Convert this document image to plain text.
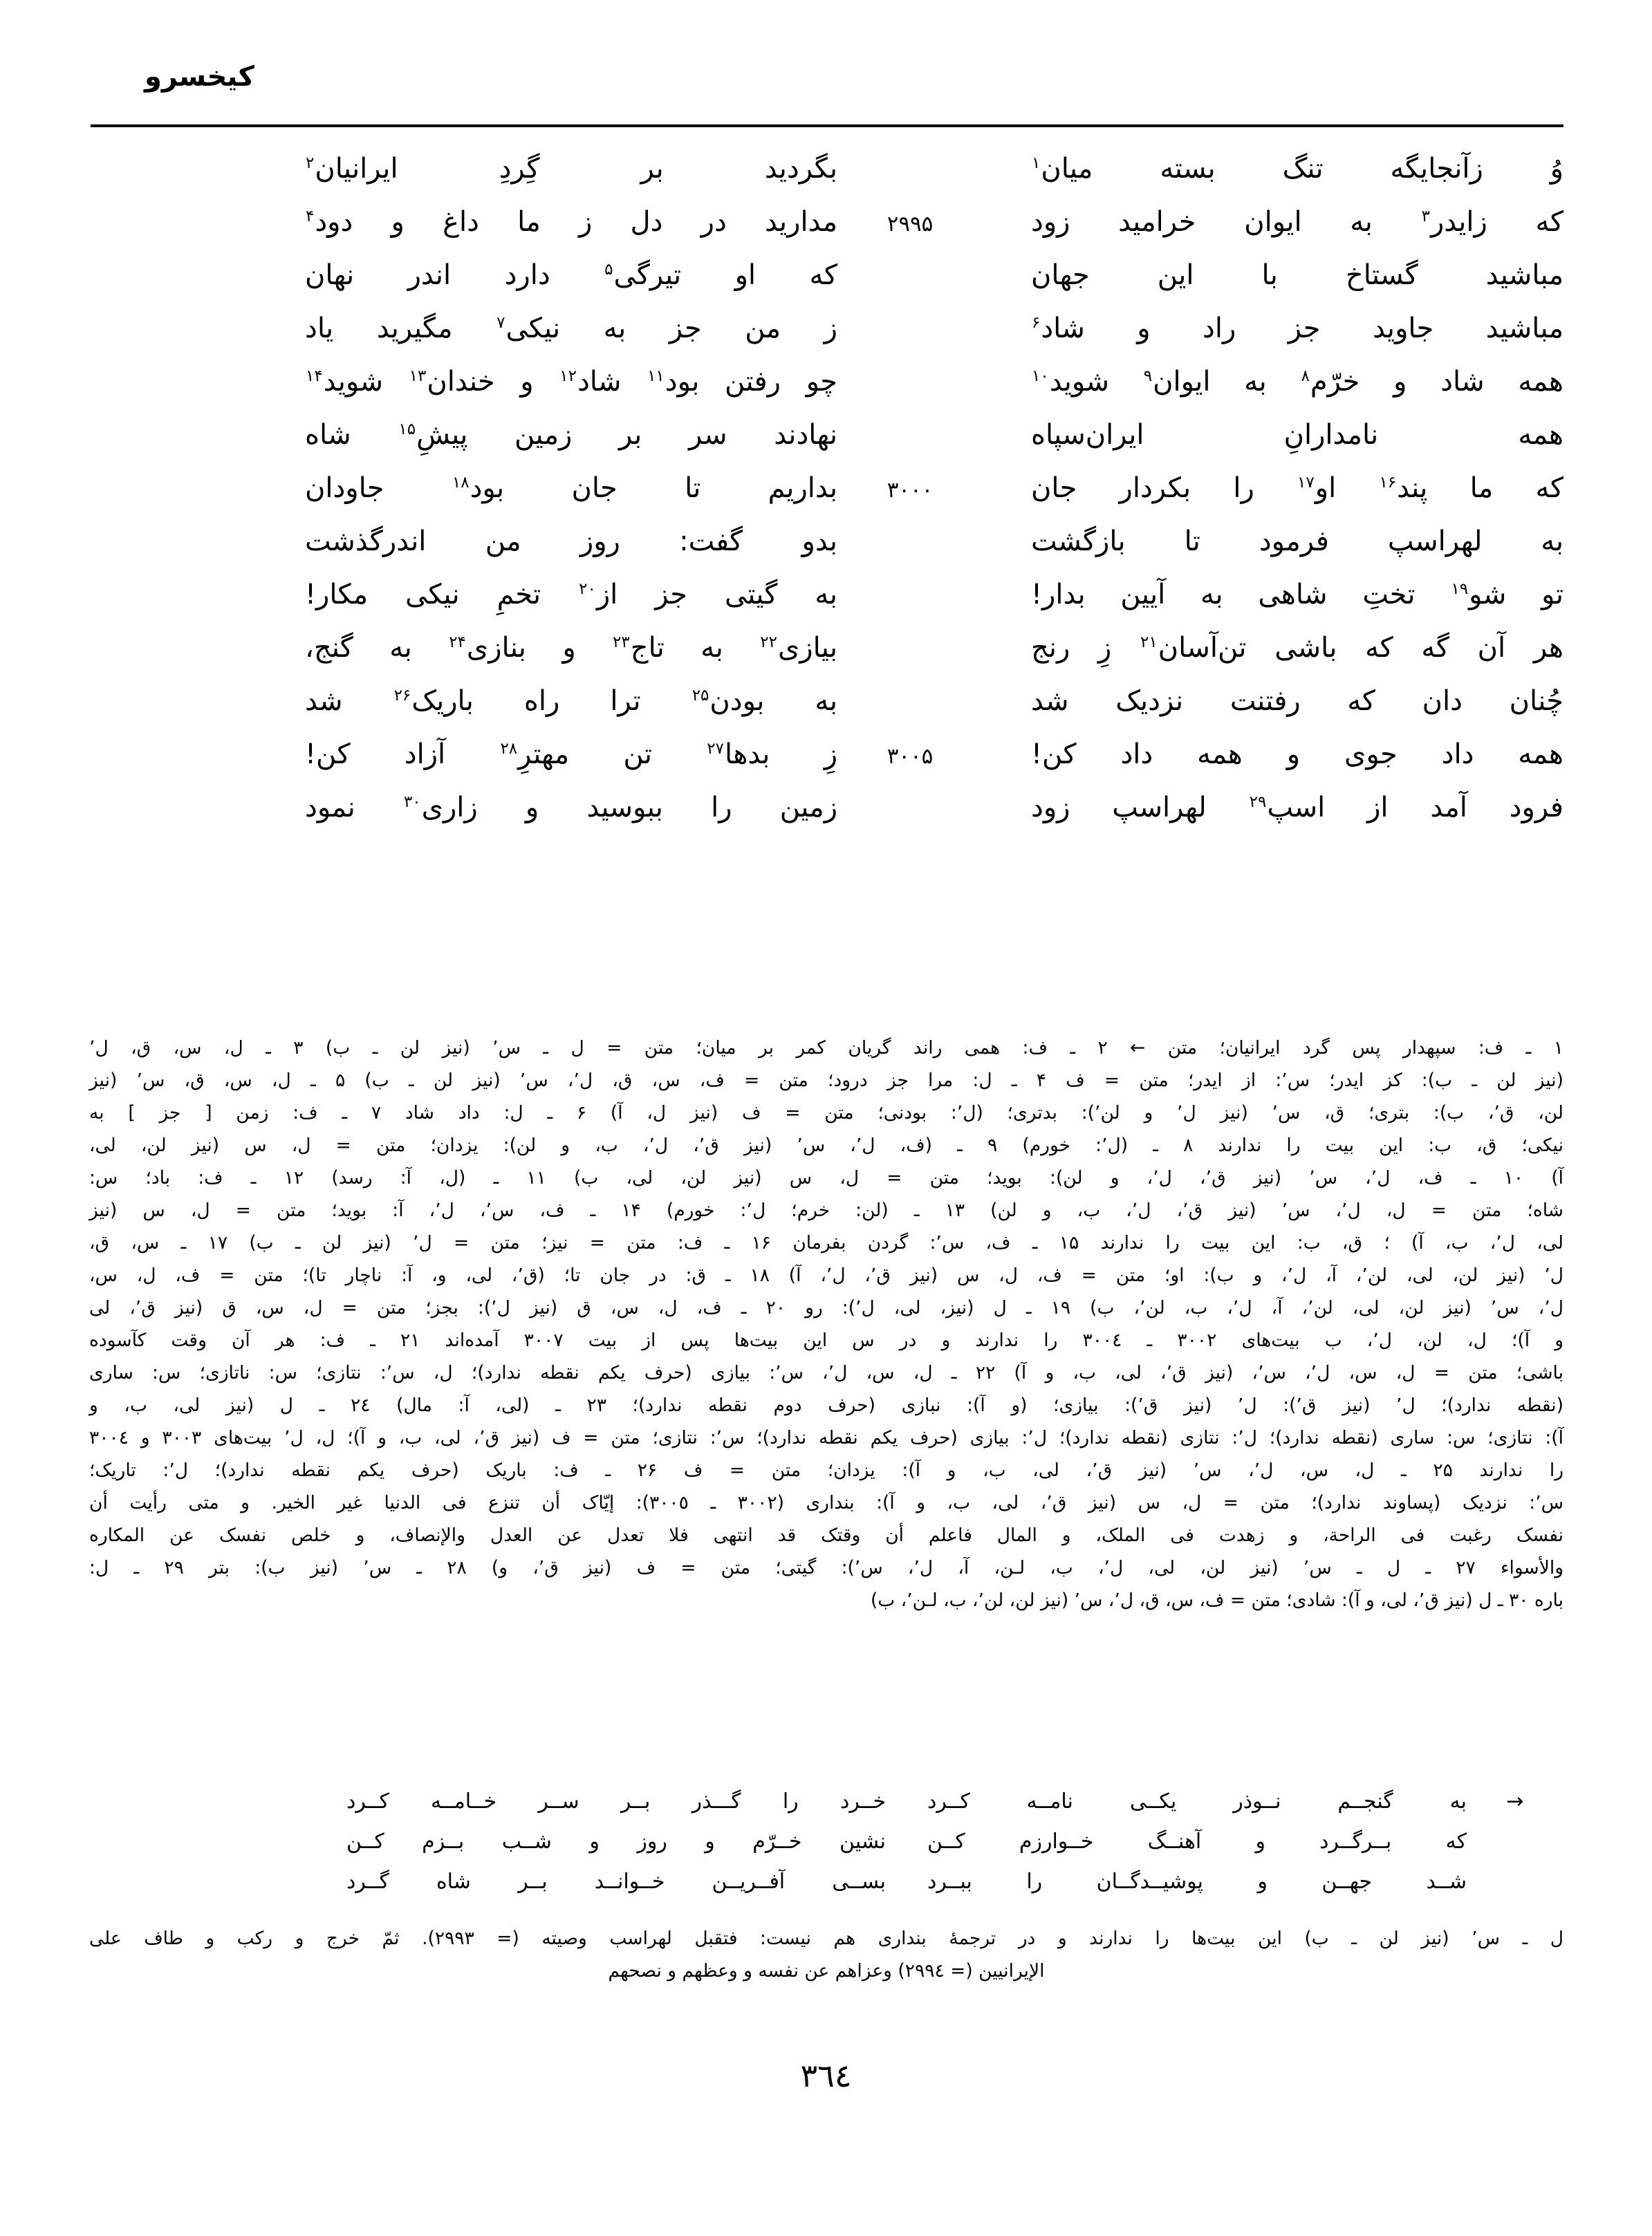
کیخسرو
وُ زآنجایگه تنگ بسته میان$^۱$
بگردید بر گِردِ ایرانیان$^۲$
که زایدر$^۳$ به ایوان خرامید زود
۲۹۹۵
مدارید در دل ز ما داغ و دود$^۴$
مباشید گستاخ با این جهان
که او تیرگی$^۵$ دارد اندر نهان
مباشید جاوید جز راد و شاد$^۶$
ز من جز به نیکی$^۷$ مگیرید یاد
همه شاد و خرّم$^۸$ به ایوان$^۹$ شوید$^{۱۰}$
چو رفتن بود$^{۱۱}$ شاد$^{۱۲}$ و خندان$^{۱۳}$ شوید$^{۱۴}$
همه نامدارانِ ایران‌سپاه
نهادند سر بر زمین پیشِ$^{۱۵}$ شاه
که ما پند$^{۱۶}$ او$^{۱۷}$ را بکردار جان
۳۰۰۰
بداریم تا جان بود$^{۱۸}$ جاودان
به لهراسپ فرمود تا بازگشت
بدو گفت: روز من اندرگذشت
تو شو$^{۱۹}$ تختِ شاهی به آیین بدار!
به گیتی جز از$^{۲۰}$ تخمِ نیکی مکار!
هر آن گه که باشی تن‌آسان$^{۲۱}$ زِ رنج
بیازی$^{۲۲}$ به تاج$^{۲۳}$ و بنازی$^{۲۴}$ به گنج،
چُنان دان که رفتنت نزدیک شد
به بودن$^{۲۵}$ ترا راه باریک$^{۲۶}$ شد
همه داد جوی و همه داد کن!
۳۰۰۵
زِ بدها$^{۲۷}$ تن مهترِ$^{۲۸}$ آزاد کن!
فرود آمد از اسپ$^{۲۹}$ لهراسپ زود
زمین را ببوسید و زاری$^{۳۰}$ نمود

۱ ـ ف: سپهدار پس گرد ایرانیان؛ متن ← ۲ ـ ف: همی راند گریان کمر بر میان؛ متن = ل ـ س٬ (نیز لن ـ ب) ۳ ـ ل، س، ق، ل٬

(نیز لن ـ ب): کز ایدر؛ س٬: از ایدر؛ متن = ف ۴ ـ ل: مرا جز درود؛ متن = ف، س، ق، ل٬، س٬ (نیز لن ـ ب) ۵ ـ ل، س، ق، س٬ (نیز

لن، ق٬، ب): بتری؛ ق، س٬ (نیز ل٬ و لن٬): بدتری؛ (ل٬: بودنی؛ متن = ف (نیز ل، آ) ۶ ـ ل: داد شاد ۷ ـ ف: زمن [ جز ] به

نیکی؛ ق، ب: این بیت را ندارند ۸ ـ (ل٬: خورم) ۹ ـ (ف، ل٬، س٬ (نیز ق٬، ل٬، ب، و لن): یزدان؛ متن = ل، س (نیز لن، لی،

آ) ۱۰ ـ ف، ل٬، س٬ (نیز ق٬، ل٬، و لن): بوید؛ متن = ل، س (نیز لن، لی، ب) ۱۱ ـ (ل، آ: رسد) ۱۲ ـ ف: باد؛ س:

شاه؛ متن = ل، ل٬، س٬ (نیز ق٬، ل٬، ب، و لن) ۱۳ ـ (لن: خرم؛ ل٬: خورم) ۱۴ ـ ف، س٬، ل٬، آ: بوید؛ متن = ل، س (نیز

لی، ل٬، ب، آ) ؛ ق، ب: این بیت را ندارند ۱۵ ـ ف، س٬: گردن بفرمان ۱۶ ـ ف: متن = نیز؛ متن = ل٬ (نیز لن ـ ب) ۱۷ ـ س، ق،

ل٬ (نیز لن، لی، لن٬، آ، ل٬، و ب): او؛ متن = ف، ل، س (نیز ق٬، ل٬، آ) ۱۸ ـ ق: در جان تا؛ (ق٬، لی، و، آ: ناچار تا)؛ متن = ف، ل، س،

ل٬، س٬ (نیز لن، لی، لن٬، آ، ل٬، ب، لن٬، ب) ۱۹ ـ ل (نیز، لی، ل٬): رو ۲۰ ـ ف، ل، س، ق (نیز ل٬): بجز؛ متن = ل، س، ق (نیز ق٬، لی

و آ)؛ ل، لن، ل٬، ب بیت‌های ۳۰۰۲ ـ ۳۰۰٤ را ندارند و در س این بیت‌ها پس از بیت ۳۰۰۷ آمده‌اند ۲۱ ـ ف: هر آن وقت کآسوده

باشی؛ متن = ل، س، ل٬، س٬، (نیز ق٬، لی، ب، و آ) ۲۲ ـ ل، س، ل٬، س٬: بیازی (حرف یکم نقطه ندارد)؛ ل، س٬: نتازی؛ س: ناتازی؛ س: ساری

(نقطه ندارد)؛ ل٬ (نیز ق٬): ل٬ (نیز ق٬): بیازی؛ (و آ): نبازی (حرف دوم نقطه ندارد)؛ ۲۳ ـ (لی، آ: مال) ۲٤ ـ ل (نیز لی، ب، و

آ): نتازی؛ س: ساری (نقطه ندارد)؛ ل٬: نتازی (نقطه ندارد)؛ ل٬: بیازی (حرف یکم نقطه ندارد)؛ س٬: نتازی؛ متن = ف (نیز ق٬، لی، ب، و آ)؛ ل، ل٬ بیت‌های ۳۰۰۳ و ۳۰۰٤

را ندارند ۲۵ ـ ل، س، ل٬، س٬ (نیز ق٬، لی، ب، و آ): یزدان؛ متن = ف ۲۶ ـ ف: باریک (حرف یکم نقطه ندارد)؛ ل٬: تاریک؛

س٬: نزدیک (پساوند ندارد)؛ متن = ل، س (نیز ق٬، لی، ب، و آ): بنداری (۳۰۰۲ ـ ۳۰۰٥): إیّاک أن تنزع فی الدنیا غیر الخیر. و متی رأیت أن

نفسک رغبت فی الراحة، و زهدت فی الملک، و المال فاعلم أن وقتک قد انتهی فلا تعدل عن العدل والإنصاف، و خلص نفسک عن المکاره

والأسواء ۲۷ ـ ل ـ س٬ (نیز لن، لی، ل٬، ب، لـن، آ، ل٬، س٬): گیتی؛ متن = ف (نیز ق٬، و) ۲۸ ـ س٬ (نیز ب): بتر ۲۹ ـ ل:

باره ۳۰ ـ ل (نیز ق٬، لی، و آ): شادی؛ متن = ف، س، ق، ل٬، س٬ (نیز لن، لن٬، ب، لـن٬، ب)

→
به گنجــم نــوذر یکــی نامــه کــرد
خــرد را گـــذر بــر ســر خــامــه کــرد
که بــرگــرد و آهنــگ خــوارزم کــن
نشین خــرّم و روز و شــب بــزم کــن
شــد جهــن و پوشیــدگــان را ببــرد
بســی آفــریــن خــوانــد بــر شاه گــرد

ل ـ س٬ (نیز لن ـ ب) این بیت‌ها را ندارند و در ترجمهٔ بنداری هم نیست: فتقبل لهراسب وصیته (= ۲۹۹۳). ثمّ خرج و رکب و طاف علی

الإیرانیین (= ۲۹۹٤) وعزاهم عن نفسه و وعظهم و نصحهم

۳٦٤
